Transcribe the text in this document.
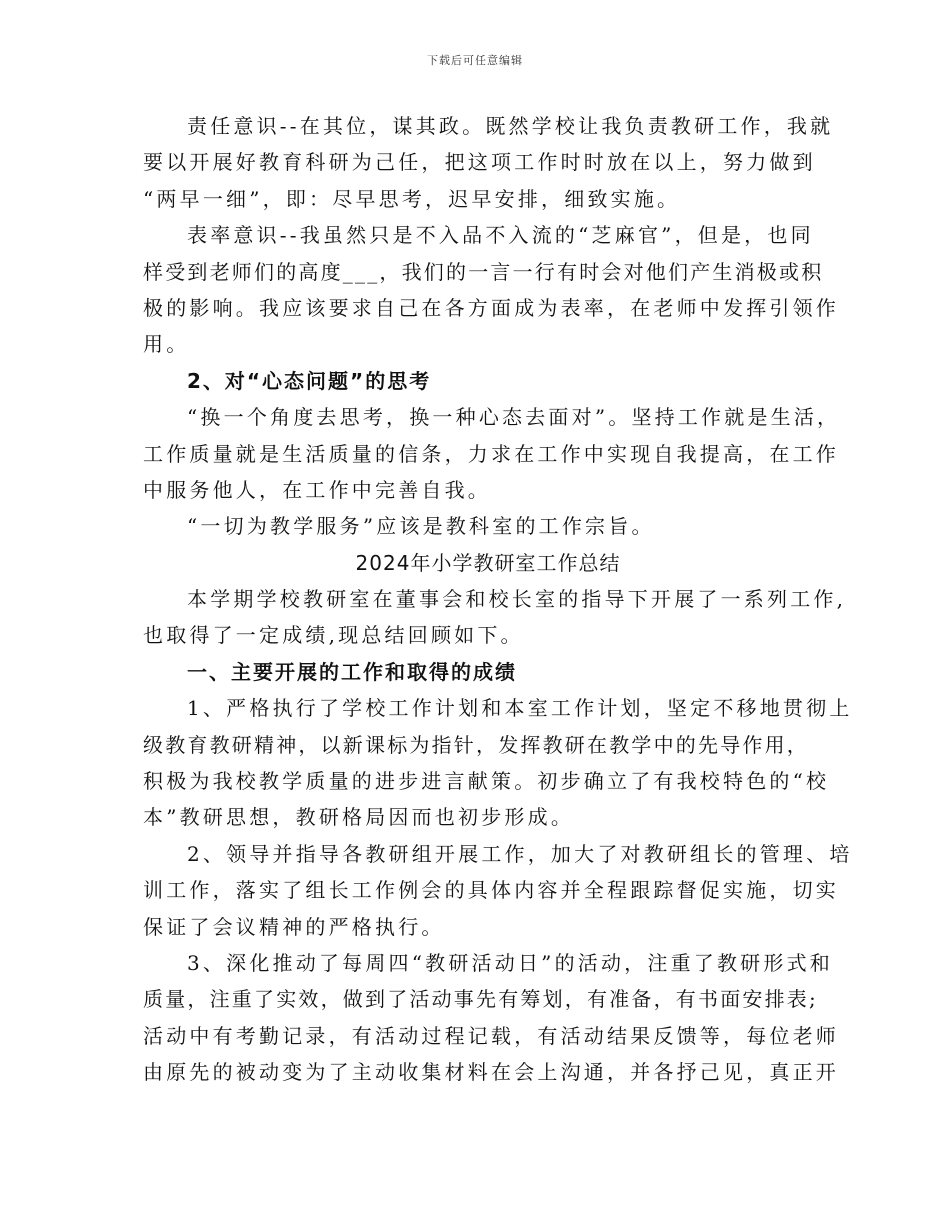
下载后可任意编辑
责任意识--在其位，谋其政。既然学校让我负责教研工作，我就
要以开展好教育科研为己任，把这项工作时时放在以上，努力做到
“两早一细”，即：尽早思考，迟早安排，细致实施。
表率意识--我虽然只是不入品不入流的“芝麻官”，但是，也同
样受到老师们的高度___，我们的一言一行有时会对他们产生消极或积
极的影响。我应该要求自己在各方面成为表率，在老师中发挥引领作
用。
2、对“心态问题”的思考
“换一个角度去思考，换一种心态去面对”。坚持工作就是生活，
工作质量就是生活质量的信条，力求在工作中实现自我提高，在工作
中服务他人，在工作中完善自我。
“一切为教学服务”应该是教科室的工作宗旨。
2024年小学教研室工作总结
本学期学校教研室在董事会和校长室的指导下开展了一系列工作,
也取得了一定成绩,现总结回顾如下。
一、主要开展的工作和取得的成绩
1、严格执行了学校工作计划和本室工作计划，坚定不移地贯彻上
级教育教研精神，以新课标为指针，发挥教研在教学中的先导作用，
积极为我校教学质量的进步进言献策。初步确立了有我校特色的“校
本”教研思想，教研格局因而也初步形成。
2、领导并指导各教研组开展工作，加大了对教研组长的管理、培
训工作，落实了组长工作例会的具体内容并全程跟踪督促实施，切实
保证了会议精神的严格执行。
3、深化推动了每周四“教研活动日”的活动，注重了教研形式和
质量，注重了实效，做到了活动事先有筹划，有准备，有书面安排表;
活动中有考勤记录，有活动过程记载，有活动结果反馈等，每位老师
由原先的被动变为了主动收集材料在会上沟通，并各抒己见，真正开
